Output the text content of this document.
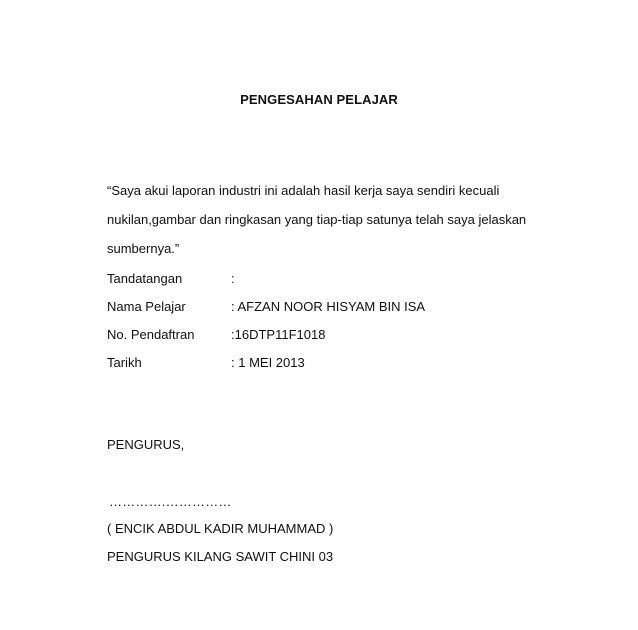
PENGESAHAN PELAJAR
“Saya akui laporan industri ini adalah hasil kerja saya sendiri kecuali
nukilan,gambar dan ringkasan yang tiap-tiap satunya telah saya jelaskan
sumbernya.”
Tandatangan	:
Nama Pelajar	: AFZAN NOOR HISYAM BIN ISA
No. Pendaftran	:16DTP11F1018
Tarikh	: 1 MEI 2013
PENGURUS,
………….……………
( ENCIK ABDUL KADIR MUHAMMAD )
PENGURUS KILANG SAWIT CHINI 03
